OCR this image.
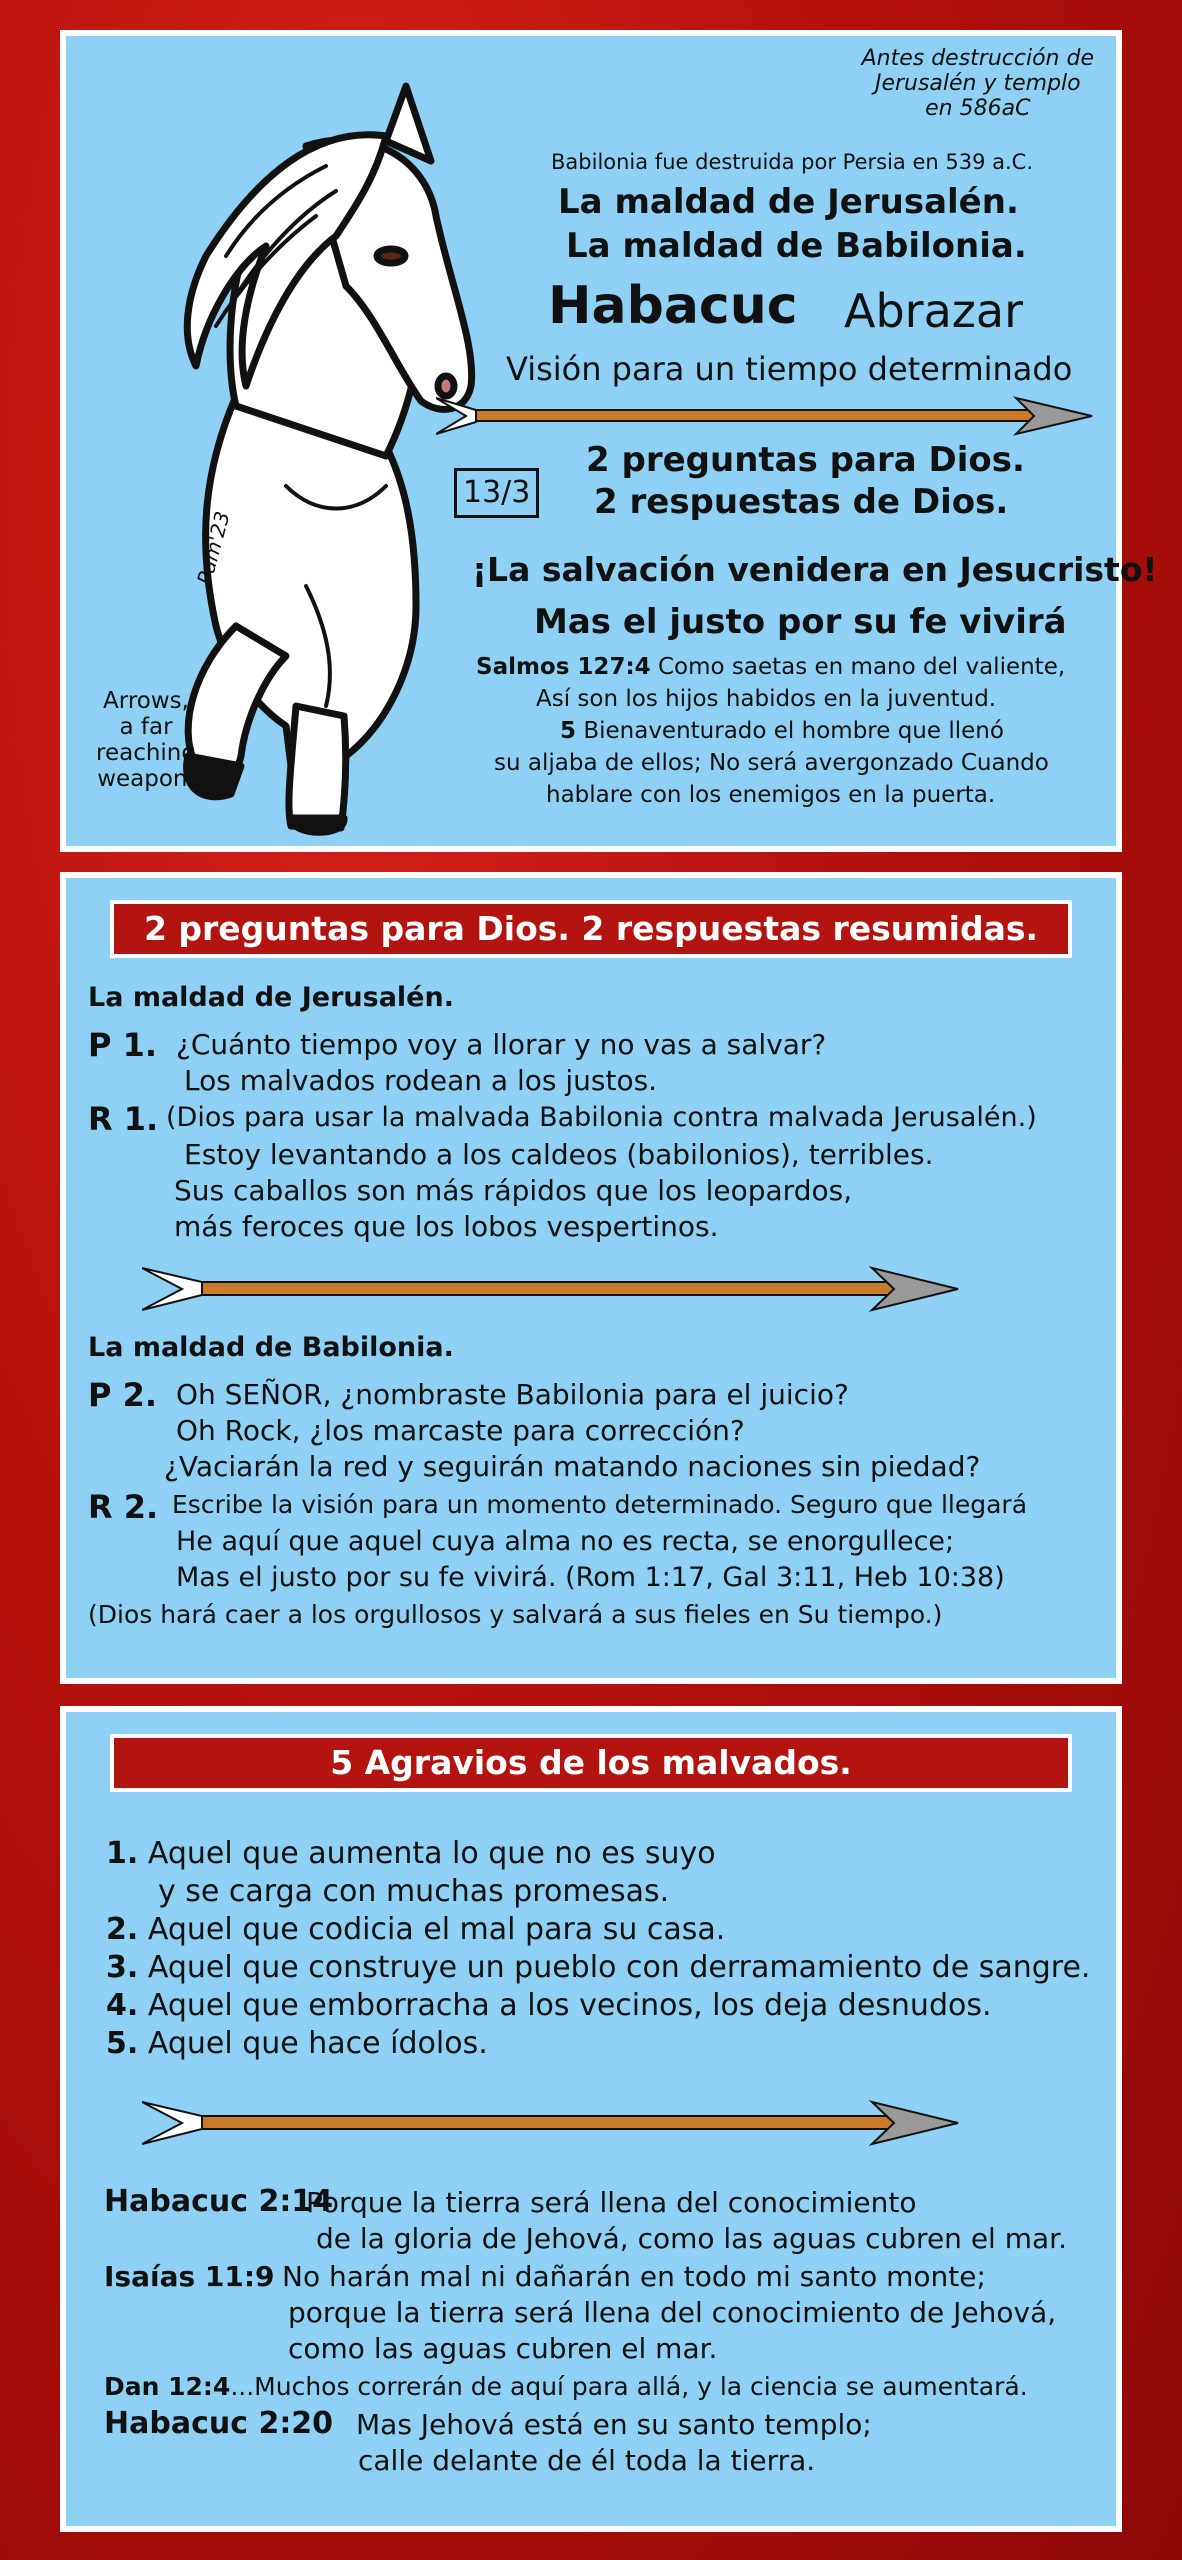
Pam'23
Arrows,
a far
reaching
weapon.
Antes destrucción de
Jerusalén y templo
en 586aC
Babilonia fue destruida por Persia en 539 a.C.
La maldad de Jerusalén.
La maldad de Babilonia.
Habacuc Abrazar
Visión para un tiempo determinado
13/3
2 preguntas para Dios.
2 respuestas de Dios.
¡La salvación venidera en Jesucristo!
Mas el justo por su fe vivirá
Salmos 127:4 Como saetas en mano del valiente,
Así son los hijos habidos en la juventud.
5 Bienaventurado el hombre que llenó
su aljaba de ellos; No será avergonzado Cuando
hablare con los enemigos en la puerta.
2 preguntas para Dios. 2 respuestas resumidas.
La maldad de Jerusalén.
P 1. ¿Cuánto tiempo voy a llorar y no vas a salvar?
Los malvados rodean a los justos.
R 1. (Dios para usar la malvada Babilonia contra malvada Jerusalén.)
Estoy levantando a los caldeos (babilonios), terribles.
Sus caballos son más rápidos que los leopardos,
más feroces que los lobos vespertinos.
La maldad de Babilonia.
P 2. Oh SEÑOR, ¿nombraste Babilonia para el juicio?
Oh Rock, ¿los marcaste para corrección?
¿Vaciarán la red y seguirán matando naciones sin piedad?
R 2. Escribe la visión para un momento determinado. Seguro que llegará
He aquí que aquel cuya alma no es recta, se enorgullece;
Mas el justo por su fe vivirá. (Rom 1:17, Gal 3:11, Heb 10:38)
(Dios hará caer a los orgullosos y salvará a sus fieles en Su tiempo.)
5 Agravios de los malvados.
1. Aquel que aumenta lo que no es suyo
y se carga con muchas promesas.
2. Aquel que codicia el mal para su casa.
3. Aquel que construye un pueblo con derramamiento de sangre.
4. Aquel que emborracha a los vecinos, los deja desnudos.
5. Aquel que hace ídolos.
Habacuc 2:14
Porque la tierra será llena del conocimiento
de la gloria de Jehová, como las aguas cubren el mar.
Isaías 11:9 No harán mal ni dañarán en todo mi santo monte;
porque la tierra será llena del conocimiento de Jehová,
como las aguas cubren el mar.
Dan 12:4...Muchos correrán de aquí para allá, y la ciencia se aumentará.
Habacuc 2:20 Mas Jehová está en su santo templo;
calle delante de él toda la tierra.
